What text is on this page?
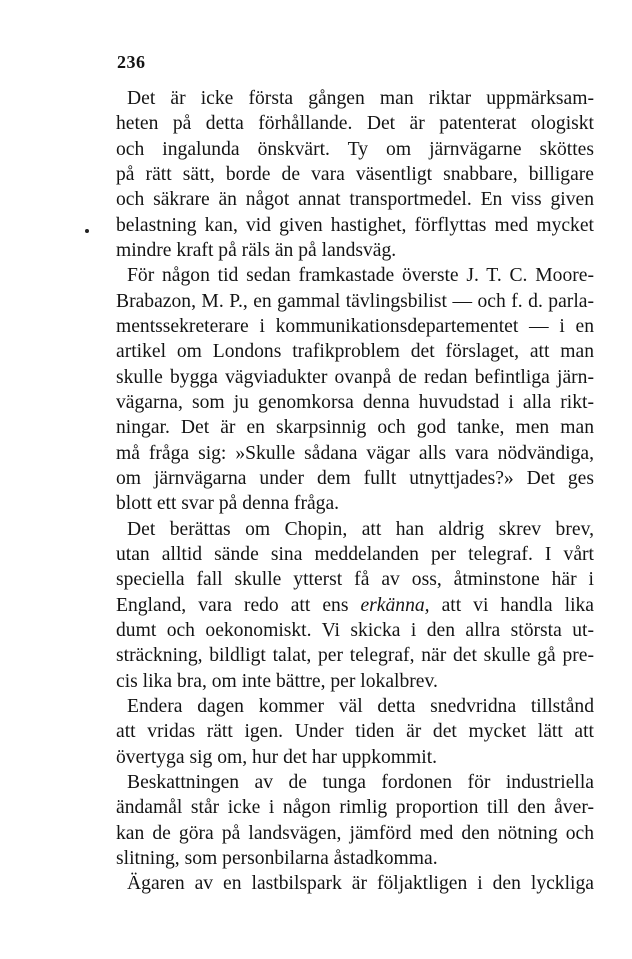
236
Det är icke första gången man riktar uppmärksam-
heten på detta förhållande. Det är patenterat ologiskt
och ingalunda önskvärt. Ty om järnvägarne sköttes
på rätt sätt, borde de vara väsentligt snabbare, billigare
och säkrare än något annat transportmedel. En viss given
belastning kan, vid given hastighet, förflyttas med mycket
mindre kraft på räls än på landsväg.
För någon tid sedan framkastade överste J. T. C. Moore-
Brabazon, M. P., en gammal tävlingsbilist — och f. d. parla-
mentssekreterare i kommunikationsdepartementet — i en
artikel om Londons trafikproblem det förslaget, att man
skulle bygga vägviadukter ovanpå de redan befintliga järn-
vägarna, som ju genomkorsa denna huvudstad i alla rikt-
ningar. Det är en skarpsinnig och god tanke, men man
må fråga sig: »Skulle sådana vägar alls vara nödvändiga,
om järnvägarna under dem fullt utnyttjades?» Det ges
blott ett svar på denna fråga.
Det berättas om Chopin, att han aldrig skrev brev,
utan alltid sände sina meddelanden per telegraf. I vårt
speciella fall skulle ytterst få av oss, åtminstone här i
England, vara redo att ens erkänna, att vi handla lika
dumt och oekonomiskt. Vi skicka i den allra största ut-
sträckning, bildligt talat, per telegraf, när det skulle gå pre-
cis lika bra, om inte bättre, per lokalbrev.
Endera dagen kommer väl detta snedvridna tillstånd
att vridas rätt igen. Under tiden är det mycket lätt att
övertyga sig om, hur det har uppkommit.
Beskattningen av de tunga fordonen för industriella
ändamål står icke i någon rimlig proportion till den åver-
kan de göra på landsvägen, jämförd med den nötning och
slitning, som personbilarna åstadkomma.
Ägaren av en lastbilspark är följaktligen i den lyckliga
